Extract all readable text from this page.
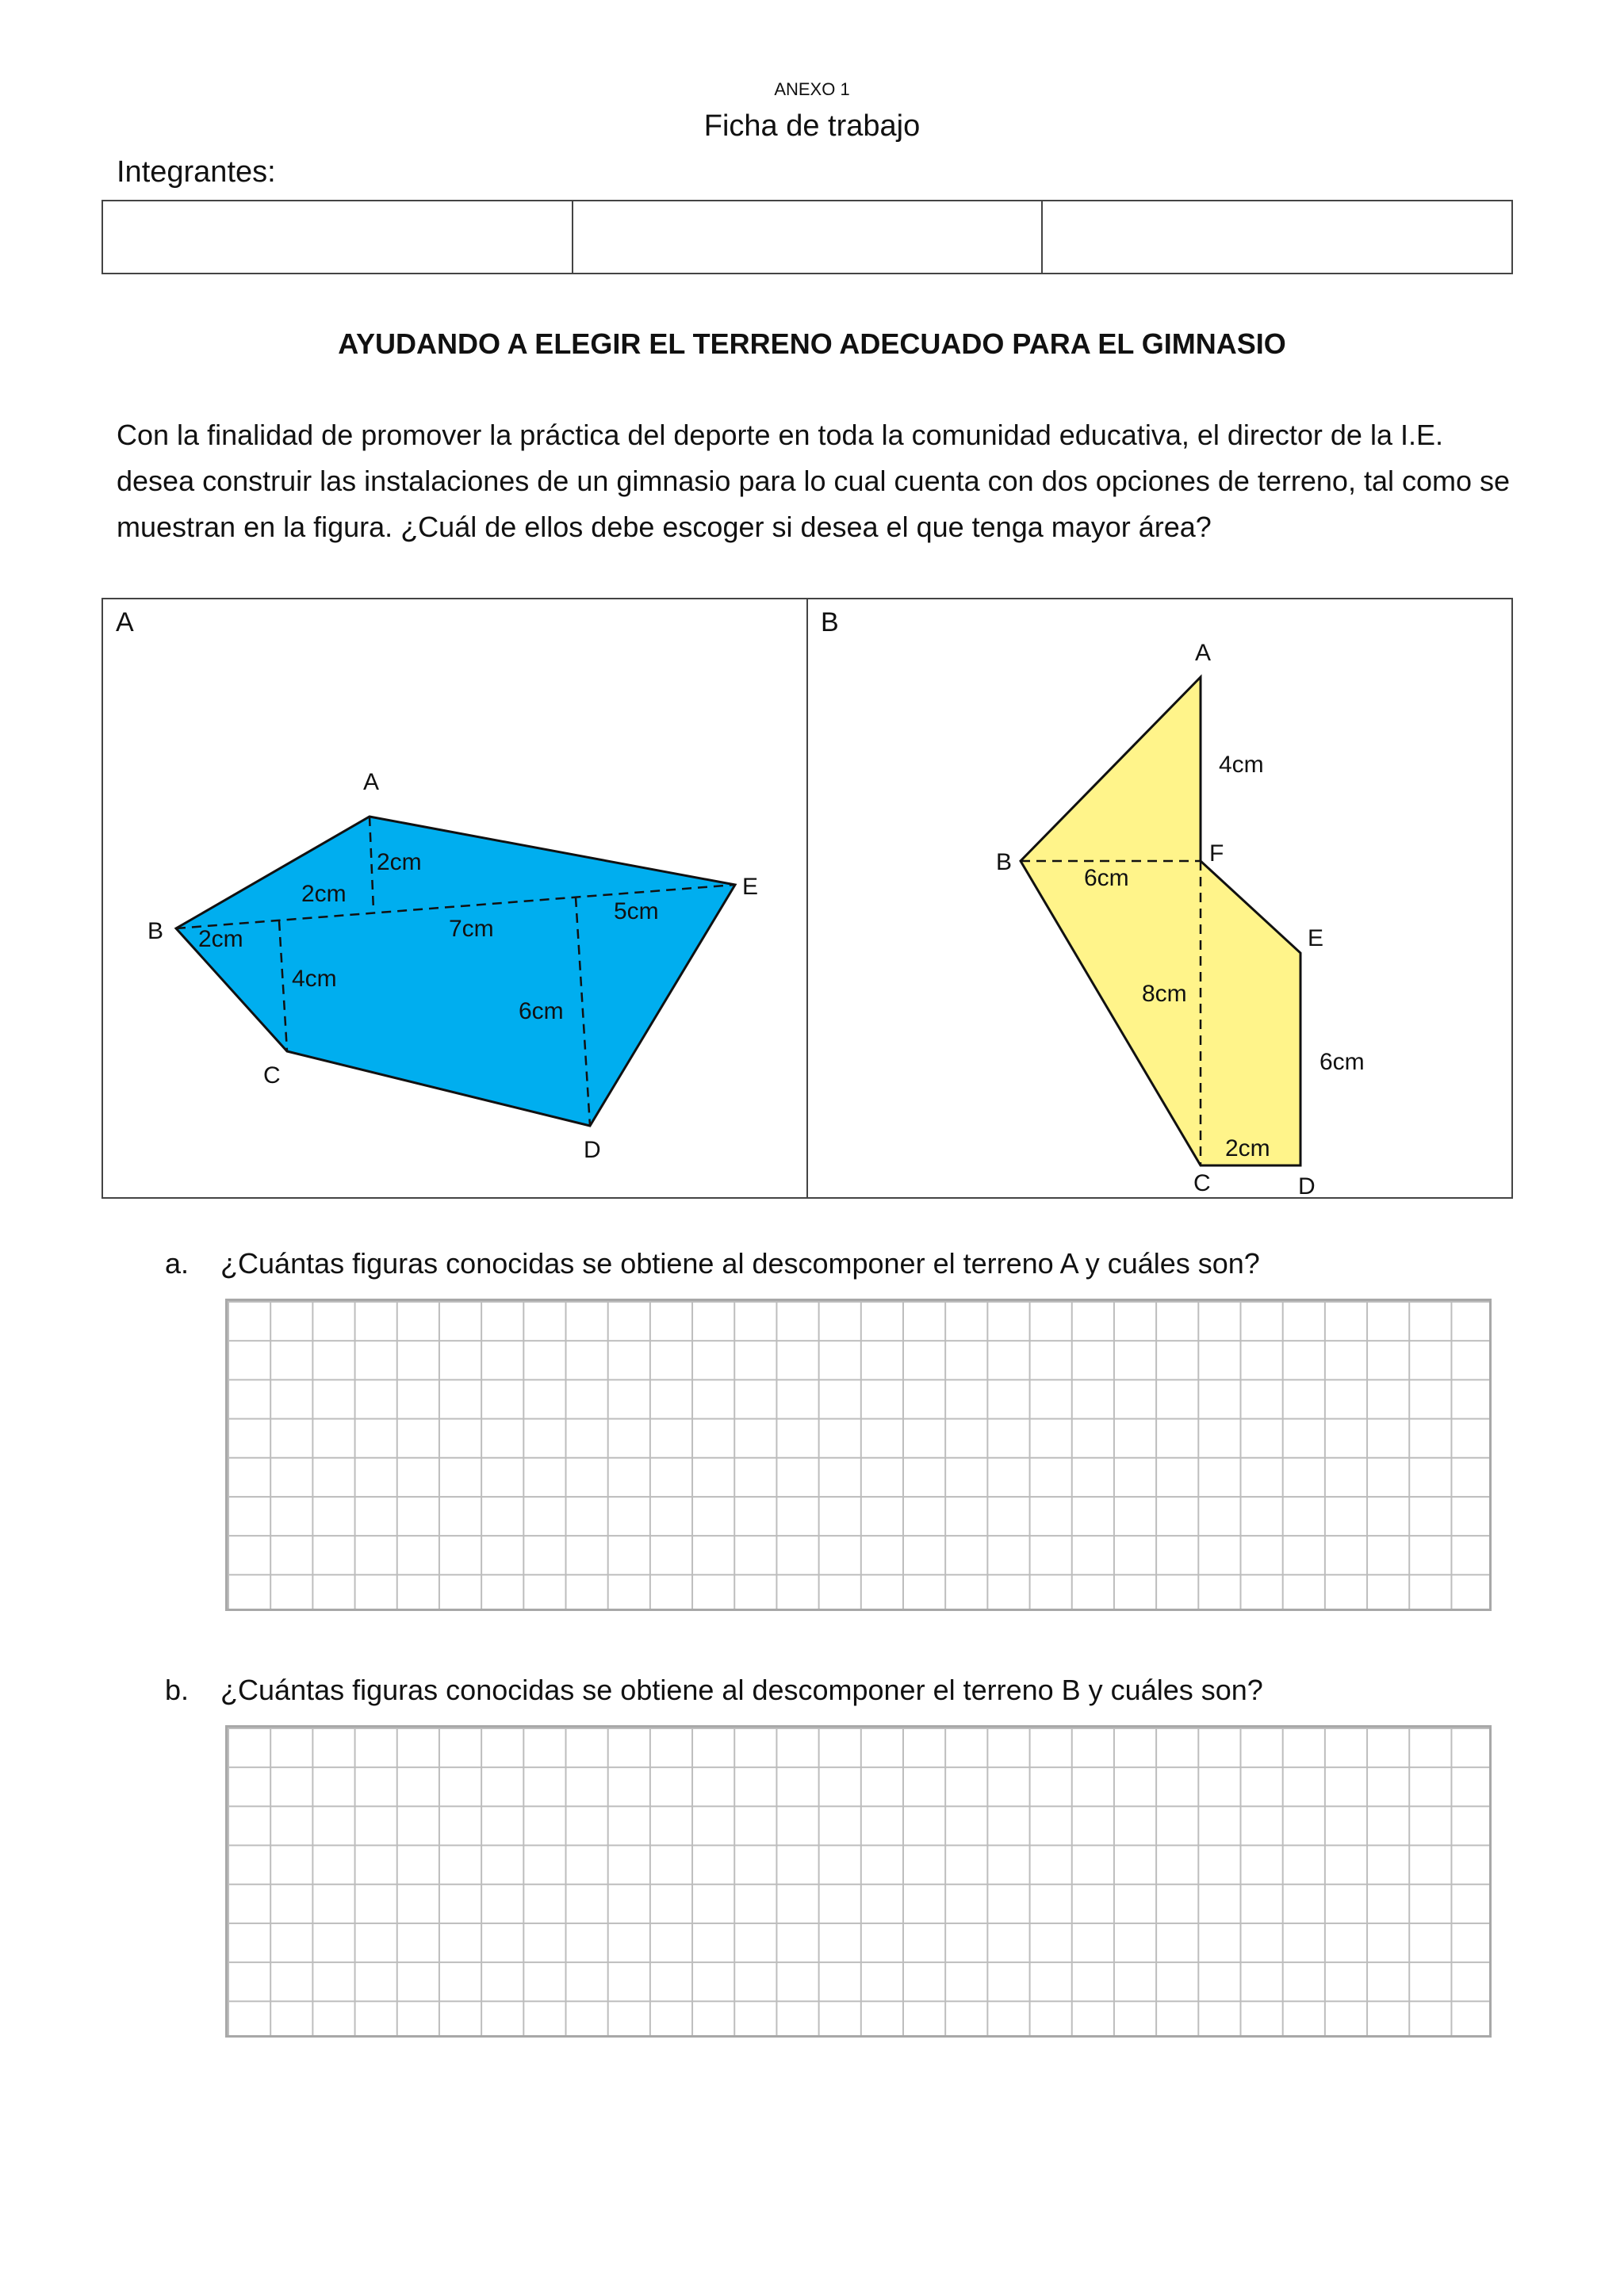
ANEXO 1
Ficha de trabajo
Integrantes:
AYUDANDO A ELEGIR EL TERRENO ADECUADO PARA EL GIMNASIO
Con la finalidad de promover la práctica del deporte en toda la comunidad educativa, el director de la I.E. desea construir las instalaciones de un gimnasio para lo cual cuenta con dos opciones de terreno, tal como se muestran en la figura. ¿Cuál de ellos debe escoger si desea el que tenga mayor área?
A
A
B
C
D
E
2cm
2cm
2cm	7cm
5cm
4cm
6cm
B
A
B
C	D
E
F
4cm
6cm
8cm
6cm
2cm
a. ¿Cuántas figuras conocidas se obtiene al descomponer el terreno A y cuáles son?
b. ¿Cuántas figuras conocidas se obtiene al descomponer el terreno B y cuáles son?
